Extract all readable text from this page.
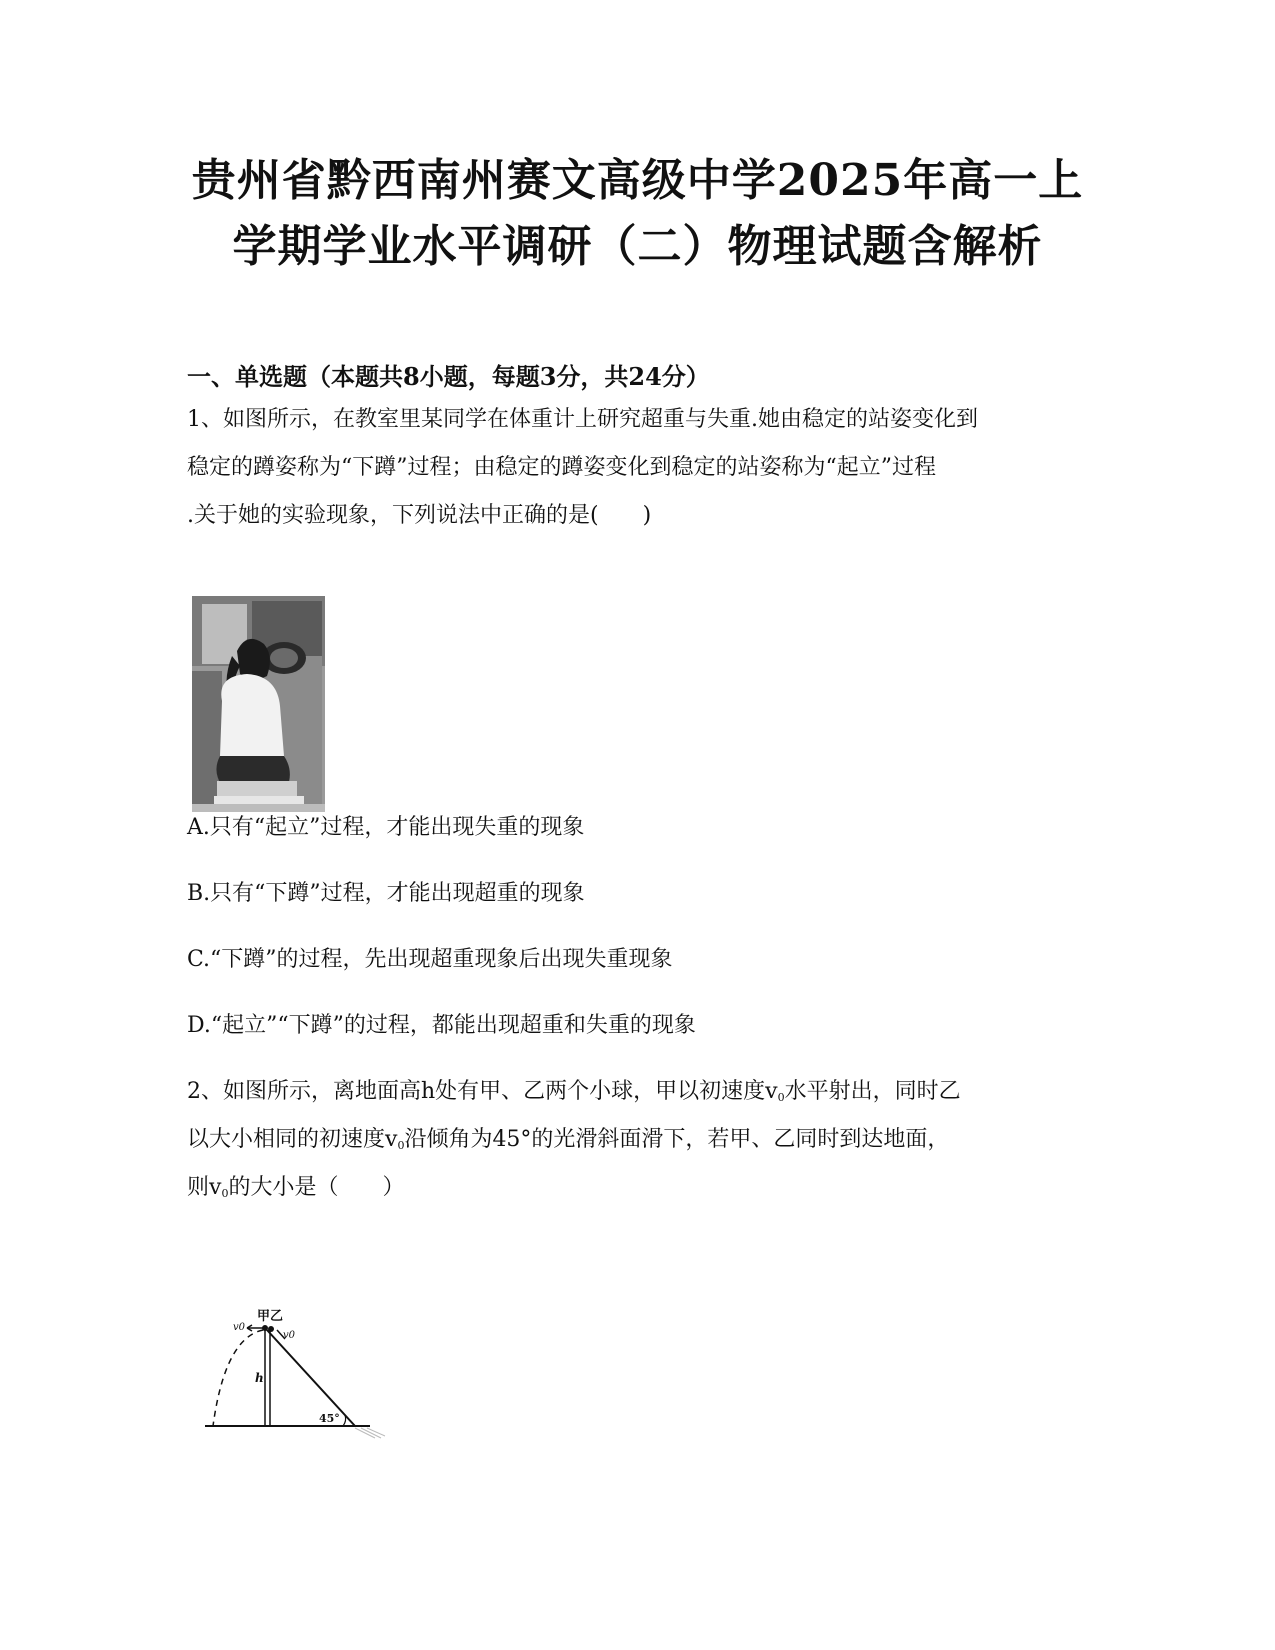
贵州省黔西南州赛文高级中学2025年高一上
学期学业水平调研（二）物理试题含解析
一、单选题（本题共8小题，每题3分，共24分）
1、如图所示，在教室里某同学在体重计上研究超重与失重.她由稳定的站姿变化到
稳定的蹲姿称为“下蹲”过程；由稳定的蹲姿变化到稳定的站姿称为“起立”过程
.关于她的实验现象，下列说法中正确的是(　　)
A.只有“起立”过程，才能出现失重的现象
B.只有“下蹲”过程，才能出现超重的现象
C.“下蹲”的过程，先出现超重现象后出现失重现象
D.“起立”“下蹲”的过程，都能出现超重和失重的现象
2、如图所示，离地面高h处有甲、乙两个小球，甲以初速度$v_0$水平射出，同时乙
以大小相同的初速度$v_0$沿倾角为45°的光滑斜面滑下，若甲、乙同时到达地面，
则$v_0$的大小是（　　）
甲乙
v0
v0
h
45°
